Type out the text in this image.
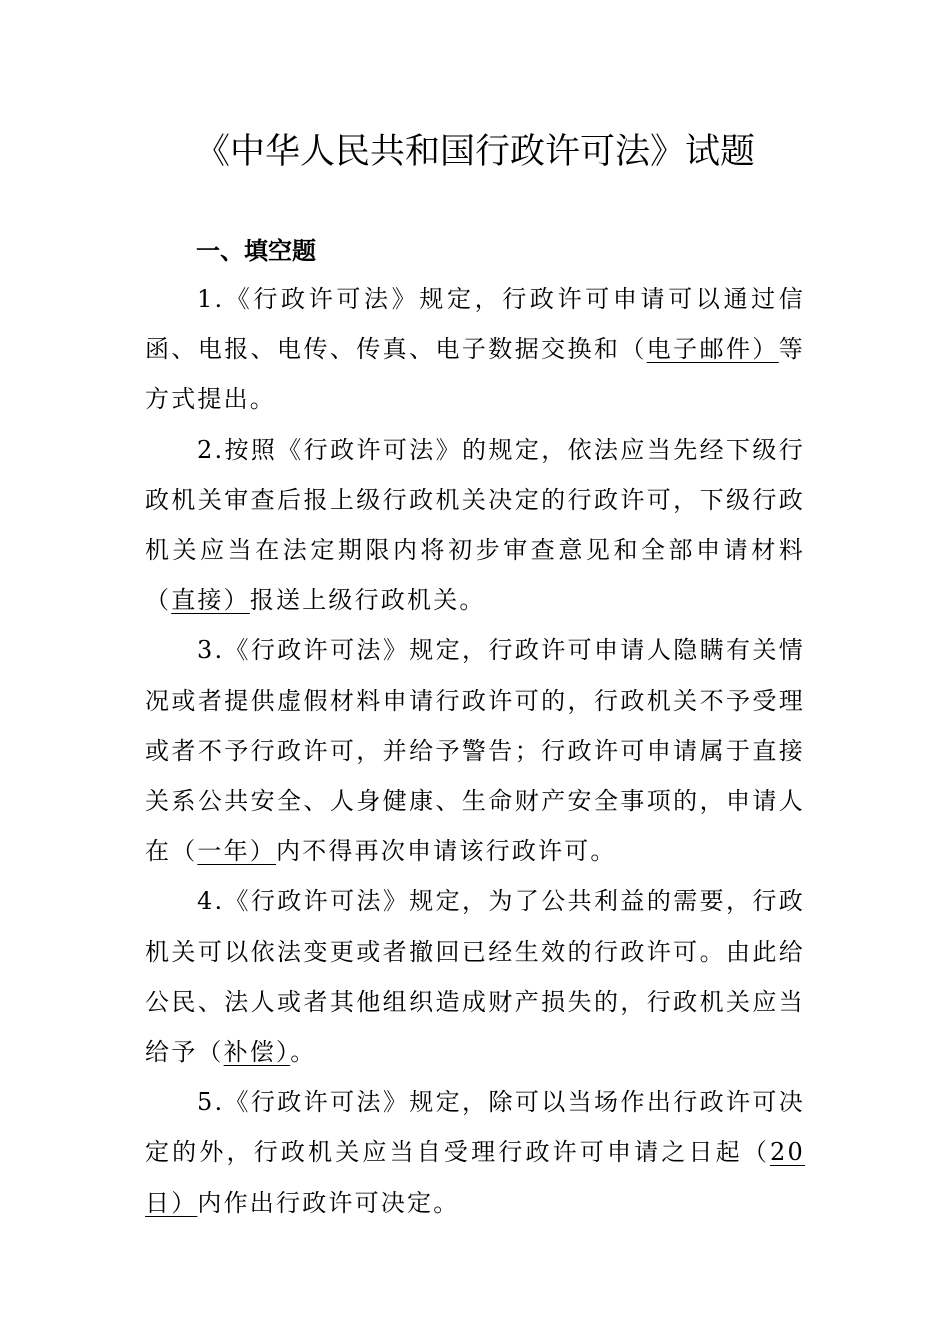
《中华人民共和国行政许可法》试题
一、填空题

1.《行政许可法》规定，行政许可申请可以通过信函、电报、电传、传真、电子数据交换和（电子邮件）等方式提出。

2.按照《行政许可法》的规定，依法应当先经下级行政机关审查后报上级行政机关决定的行政许可，下级行政机关应当在法定期限内将初步审查意见和全部申请材料（直接）报送上级行政机关。

3.《行政许可法》规定，行政许可申请人隐瞒有关情况或者提供虚假材料申请行政许可的，行政机关不予受理或者不予行政许可，并给予警告；行政许可申请属于直接关系公共安全、人身健康、生命财产安全事项的，申请人在（一年）内不得再次申请该行政许可。

4.《行政许可法》规定，为了公共利益的需要，行政机关可以依法变更或者撤回已经生效的行政许可。由此给公民、法人或者其他组织造成财产损失的，行政机关应当给予（补偿）。

5.《行政许可法》规定，除可以当场作出行政许可决定的外，行政机关应当自受理行政许可申请之日起（20日）内作出行政许可决定。
